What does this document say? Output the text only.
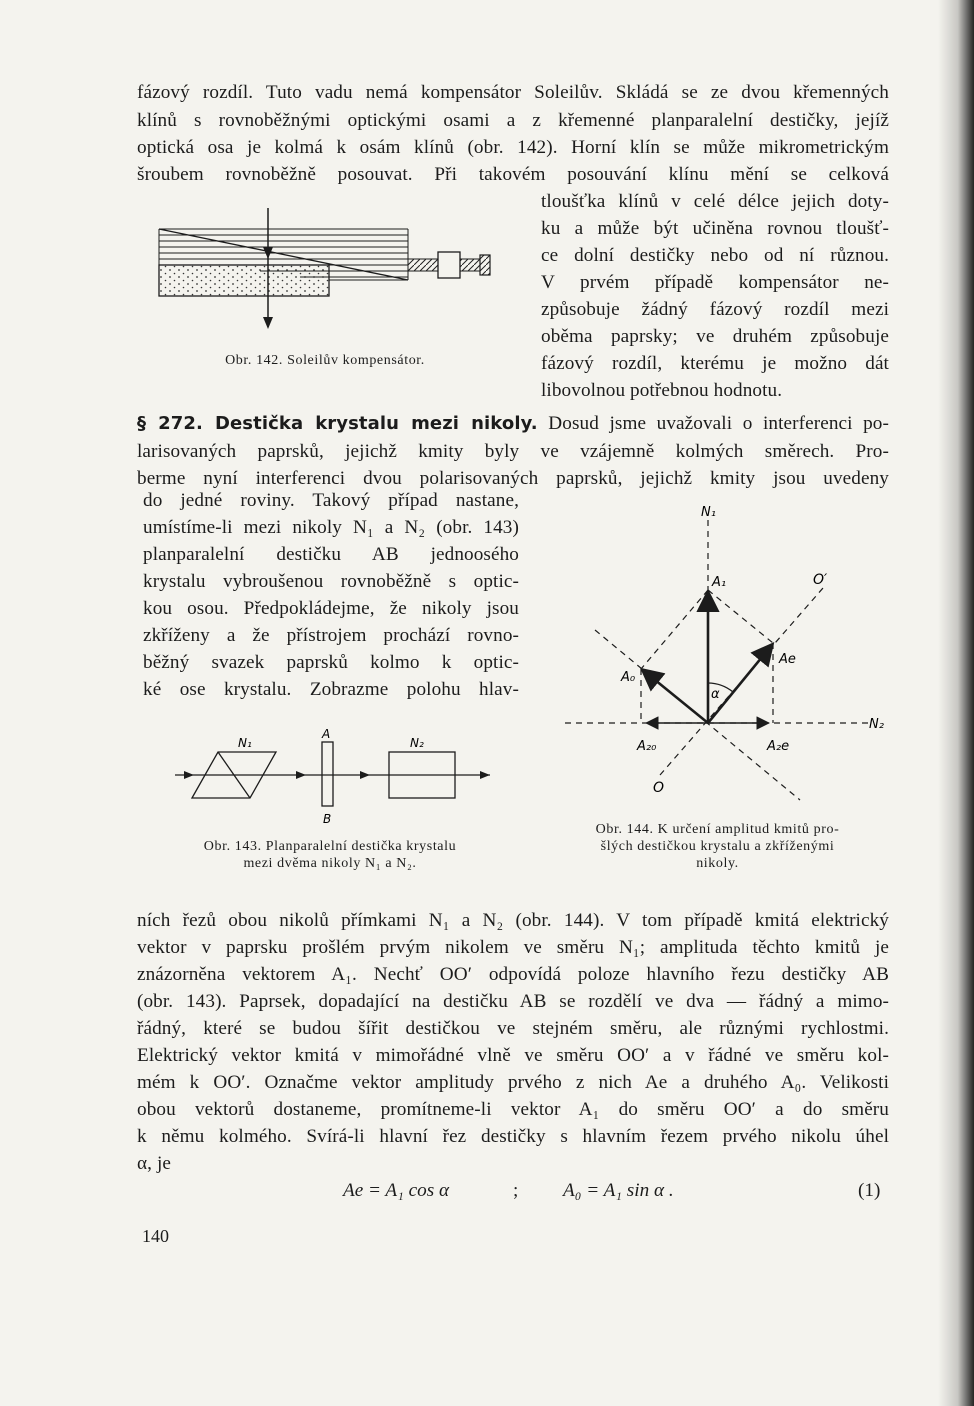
fázový rozdíl. Tuto vadu nemá kompensátor Soleilův. Skládá se ze dvou křemenných

klínů s rovnoběžnými optickými osami a z křemenné planparalelní destičky, jejíž

optická osa je kolmá k osám klínů (obr. 142). Horní klín se může mikrometrickým

šroubem rovnoběžně posouvat. Při takovém posouvání klínu mění se celková

tloušťka klínů v celé délce jejich doty-

ku a může být učiněna rovnou tloušť-

ce dolní destičky nebo od ní různou.

V prvém případě kompensátor ne-

způsobuje žádný fázový rozdíl mezi

oběma paprsky; ve druhém způsobuje

fázový rozdíl, kterému je možno dát

libovolnou potřebnou hodnotu.

Obr. 142. Soleilův kompensátor.

§ 272. Destička krystalu mezi nikoly. Dosud jsme uvažovali o interferenci po-

larisovaných paprsků, jejichž kmity byly ve vzájemně kolmých směrech. Pro-

berme nyní interferenci dvou polarisovaných paprsků, jejichž kmity jsou uvedeny

do jedné roviny. Takový případ nastane,

umístíme-li mezi nikoly N₁ a N₂ (obr. 143)

planparalelní destičku AB jednoosého

krystalu vybroušenou rovnoběžně s optic-

kou osou. Předpokládejme, že nikoly jsou

zkříženy a že přístrojem prochází rovno-

běžný svazek paprsků kolmo k optic-

ké ose krystalu. Zobrazme polohu hlav-

N₁
A
N₂
B
Obr. 143. Planparalelní destička krystalu
mezi dvěma nikoly N₁ a N₂.
N₁
A₁	O′
Ae
A₀
α
N₂
A₂₀	A₂e
O
Obr. 144. K určení amplitud kmitů pro-
šlých destičkou krystalu a zkříženými
nikoly.

ních řezů obou nikolů přímkami N₁ a N₂ (obr. 144). V tom případě kmitá elektrický

vektor v paprsku prošlém prvým nikolem ve směru N₁; amplituda těchto kmitů je

znázorněna vektorem A₁. Nechť OO′ odpovídá poloze hlavního řezu destičky AB

(obr. 143). Paprsek, dopadající na destičku AB se rozdělí ve dva — řádný a mimo-

řádný, které se budou šířit destičkou ve stejném směru, ale různými rychlostmi.

Elektrický vektor kmitá v mimořádné vlně ve směru OO′ a v řádné ve směru kol-

mém k OO′. Označme vektor amplitudy prvého z nich Ae a druhého A₀. Velikosti

obou vektorů dostaneme, promítneme-li vektor A₁ do směru OO′ a do směru

k němu kolmého. Svírá-li hlavní řez destičky s hlavním řezem prvého nikolu úhel

α, je

Ae = A₁ cos α	; A₀ = A₁ sin α .	(1)
140
